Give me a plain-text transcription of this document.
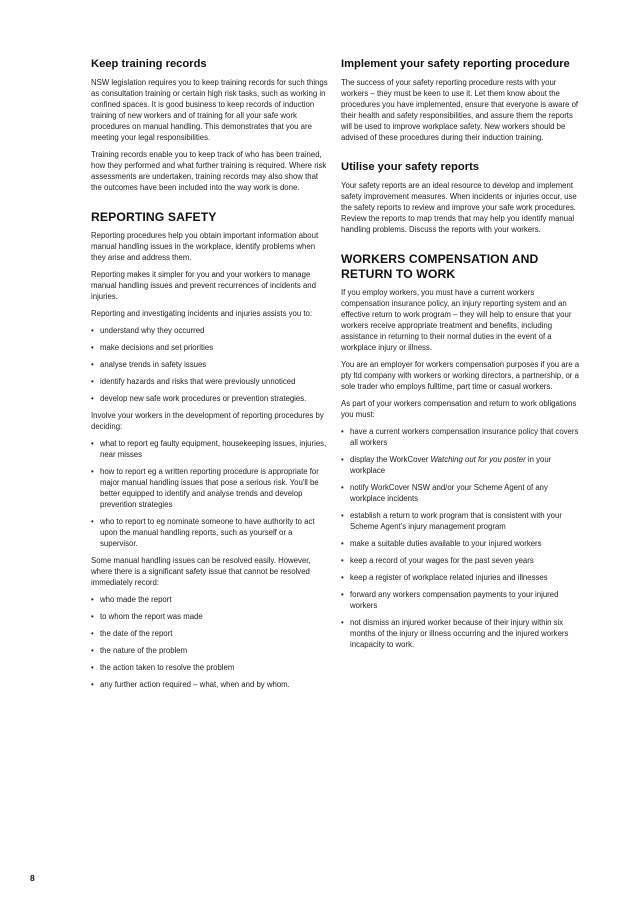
Keep training records

NSW legislation requires you to keep training records for such things as consultation training or certain high risk tasks, such as working in confined spaces. It is good business to keep records of induction training of new workers and of training for all your safe work procedures on manual handling. This demonstrates that you are meeting your legal responsibilities.

Training records enable you to keep track of who has been trained, how they performed and what further training is required. Where risk assessments are undertaken, training records may also show that the outcomes have been included into the way work is done.

REPORTING SAFETY

Reporting procedures help you obtain important information about manual handling issues in the workplace, identify problems when they arise and address them.

Reporting makes it simpler for you and your workers to manage manual handling issues and prevent recurrences of incidents and injuries.

Reporting and investigating incidents and injuries assists you to:

• understand why they occurred
• make decisions and set priorities
• analyse trends in safety issues
• identify hazards and risks that were previously unnoticed
• develop new safe work procedures or prevention strategies.

Involve your workers in the development of reporting procedures by deciding:

• what to report eg faulty equipment, housekeeping issues, injuries, near misses
• how to report eg a written reporting procedure is appropriate for major manual handling issues that pose a serious risk. You'll be better equipped to identify and analyse trends and develop prevention strategies
• who to report to eg nominate someone to have authority to act upon the manual handling reports, such as yourself or a supervisor.

Some manual handling issues can be resolved easily. However, where there is a significant safety issue that cannot be resolved immediately record:

• who made the report
• to whom the report was made
• the date of the report
• the nature of the problem
• the action taken to resolve the problem
• any further action required – what, when and by whom.
Implement your safety reporting procedure

The success of your safety reporting procedure rests with your workers – they must be keen to use it. Let them know about the procedures you have implemented, ensure that everyone is aware of their health and safety responsibilities, and assure them the reports will be used to improve workplace safety. New workers should be advised of these procedures during their induction training.

Utilise your safety reports

Your safety reports are an ideal resource to develop and implement safety improvement measures. When incidents or injuries occur, use the safety reports to review and improve your safe work procedures. Review the reports to map trends that may help you identify manual handling problems. Discuss the reports with your workers.

WORKERS COMPENSATION AND RETURN TO WORK

If you employ workers, you must have a current workers compensation insurance policy, an injury reporting system and an effective return to work program – they will help to ensure that your workers receive appropriate treatment and benefits, including assistance in returning to their normal duties in the event of a workplace injury or illness.

You are an employer for workers compensation purposes if you are a pty ltd company with workers or working directors, a partnership, or a sole trader who employs fulltime, part time or casual workers.

As part of your workers compensation and return to work obligations you must:

• have a current workers compensation insurance policy that covers all workers
• display the WorkCover Watching out for you poster in your workplace
• notify WorkCover NSW and/or your Scheme Agent of any workplace incidents
• establish a return to work program that is consistent with your Scheme Agent's injury management program
• make a suitable duties available to your injured workers
• keep a record of your wages for the past seven years
• keep a register of workplace related injuries and illnesses
• forward any workers compensation payments to your injured workers
• not dismiss an injured worker because of their injury within six months of the injury or illness occurring and the injured workers incapacity to work.
8
